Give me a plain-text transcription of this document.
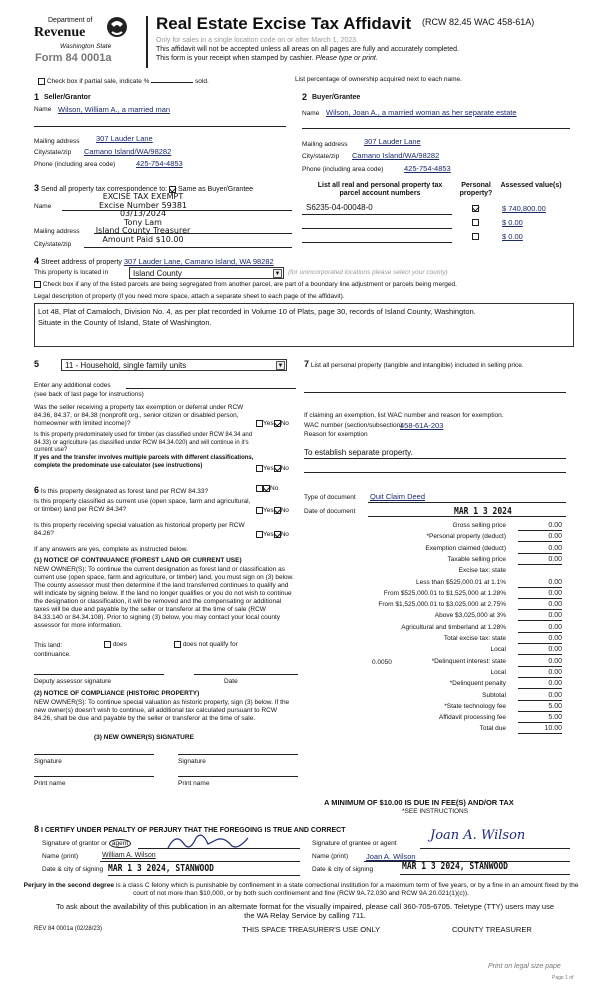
Department of
Revenue
Washington State
Form 84 0001a
Real Estate Excise Tax Affidavit (RCW 82.45 WAC 458-61A)
Only for sales in a single location code on or after March 1, 2023.
This affidavit will not be accepted unless all areas on all pages are fully and accurately completed.
This form is your receipt when stamped by cashier. Please type or print.
Check box if partial sale, indicate %	sold.	List percentage of ownership acquired next to each name.
1 Seller/Grantor
Name Wilson, William A., a married man
Mailing address 307 Lauder Lane
City/state/zip Camano Island/WA/98282
Phone (including area code)	425-754-4853
2 Buyer/Grantee
Name Wilson, Joan A., a married woman as her separate estate
Mailing address 307 Lauder Lane
City/state/zip Camano Island/WA/98282
Phone (including area code)	425-754-4853
3 Send all property tax correspondence to: Same as Buyer/Grantee
Name
Mailing address
City/state/zip
EXCISE TAX EXEMPT
Excise Number 59381
03/13/2024
Tony Lam
Island County Treasurer
Amount Paid $10.00
List all real and personal property tax parcel account numbers
Personal property?
Assessed value(s)
S6235-04-00048-0	$ 740,800.00
$ 0.00
$ 0.00
4 Street address of property 307 Lauder Lane, Camano Island, WA 98282
This property is located in	Island County	▼ (for unincorporated locations please select your county)
Check box if any of the listed parcels are being segregated from another parcel, are part of a boundary line adjustment or parcels being merged.
Legal description of property (if you need more space, attach a separate sheet to each page of the affidavit).
Lot 48, Plat of Camaloch, Division No. 4, as per plat recorded in Volume 10 of Plats, page 30, records of Island County, Washington.
Situate in the County of Island, State of Washington.
5	11 - Household, single family units	▼
Enter any additional codes
(see back of last page for instructions)
Was the seller receiving a property tax exemption or deferral under RCW 84.36, 84.37, or 84.38 (nonprofit org., senior citizen or disabled person, homeowner with limited income)?	Yes No
Is this property predominately used for timber (as classified under RCW 84.34 and 84.33) or agriculture (as classified under RCW 84.34.020) and will continue in it's current use?
If yes and the transfer involves multiple parcels with different classifications, complete the predominate use calculator (see instructions)	Yes No
6 Is this property designated as forest land per RCW 84.33?	No
Is this property classified as current use (open space, farm and agricultural, or timber) land per RCW 84.34?	Yes No
Is this property receiving special valuation as historical property per RCW 84.26?	Yes No
If any answers are yes, complete as instructed below.
(1) NOTICE OF CONTINUANCE (FOREST LAND OR CURRENT USE)
NEW OWNER(S): To continue the current designation as forest land or classification as current use (open space, farm and agriculture, or timber) land, you must sign on (3) below. The county assessor must then determine if the land transferred continues to qualify and will indicate by signing below. If the land no longer qualifies or you do not wish to continue the designation or classification, it will be removed and the compensating or additional taxes will be due and payable by the seller or transferor at the time of sale (RCW 84.33.140 or 84.34.108). Prior to signing (3) below, you may contact your local county assessor for more information.
This land:
continuance.
does	does not qualify for
Deputy assessor signature	Date
(2) NOTICE OF COMPLIANCE (HISTORIC PROPERTY)
NEW OWNER(S): To continue special valuation as historic property, sign (3) below. If the new owner(s) doesn't wish to continue, all additional tax calculated pursuant to RCW 84.26, shall be due and payable by the seller or transferor at the time of sale.
(3) NEW OWNER(S) SIGNATURE
Signature	Signature
Print name	Print name
7 List all personal property (tangible and intangible) included in selling price.
If claiming an exemption, list WAC number and reason for exemption.
WAC number (section/subsection)
458-61A-203
Reason for exemption
To establish separate property.
Type of document Quit Claim Deed
Date of document	MAR 1 3 2024
Gross selling price	0.00
*Personal property (deduct)	0.00
Exemption claimed (deduct)	0.00
Taxable selling price	0.00
Excise tax: state
Less than $525,000.01 at 1.1%	0.00
From $525,000.01 to $1,525,000 at 1.28%	0.00
From $1,525,000.01 to $3,025,000 at 2.75%	0.00
Above $3,025,000 at 3%	0.00
Agricultural and timberland at 1.28%	0.00
Total excise tax: state	0.00
Local	0.00
*Delinquent interest: state	0.00
Local	0.00
*Delinquent penalty	0.00
Subtotal	0.00
*State technology fee	5.00
Affidavit processing fee	5.00
Total due	10.00
0.0050
A MINIMUM OF $10.00 IS DUE IN FEE(S) AND/OR TAX
*SEE INSTRUCTIONS
8 I CERTIFY UNDER PENALTY OF PERJURY THAT THE FOREGOING IS TRUE AND CORRECT
Signature of grantor or agent
Name (print)	William A. Wilson
Date & city of signing MAR 1 3 2024, STANWOOD
Signature of grantee or agent
Joan A. Wilson
Name (print) Joan A. Wilson
Date & city of signing	MAR 1 3 2024, STANWOOD
Perjury in the second degree is a class C felony which is punishable by confinement in a state correctional institution for a maximum term of five years, or by a fine in an amount fixed by the court of not more than $10,000, or by both such confinement and fine (RCW 9A.72.030 and RCW 9A.20.021(1)(c)).
To ask about the availability of this publication in an alternate format for the visually impaired, please call 360-705-6705. Teletype (TTY) users may use the WA Relay Service by calling 711.
REV 84 0001a (02/28/23)	THIS SPACE TREASURER'S USE ONLY	COUNTY TREASURER
Print on legal size pape
Page 1 of
